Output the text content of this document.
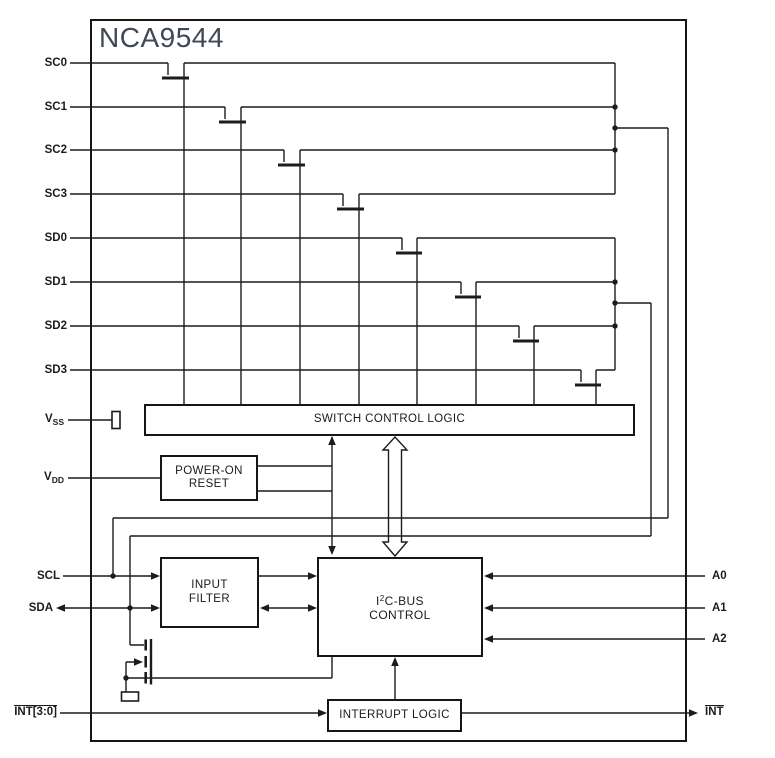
NCA9544
SWITCH CONTROL LOGIC
POWER-ON
RESET
INPUT
FILTER	$I^2C$-BUS
CONTROL
INTERRUPT LOGIC
SC0
SC1
SC2
SC3
SD0
SD1
SD2
SD3
$V_{SS}$
$V_{DD}$
SCL
SDA
INT[3:0]
A0
A1
A2
INT
